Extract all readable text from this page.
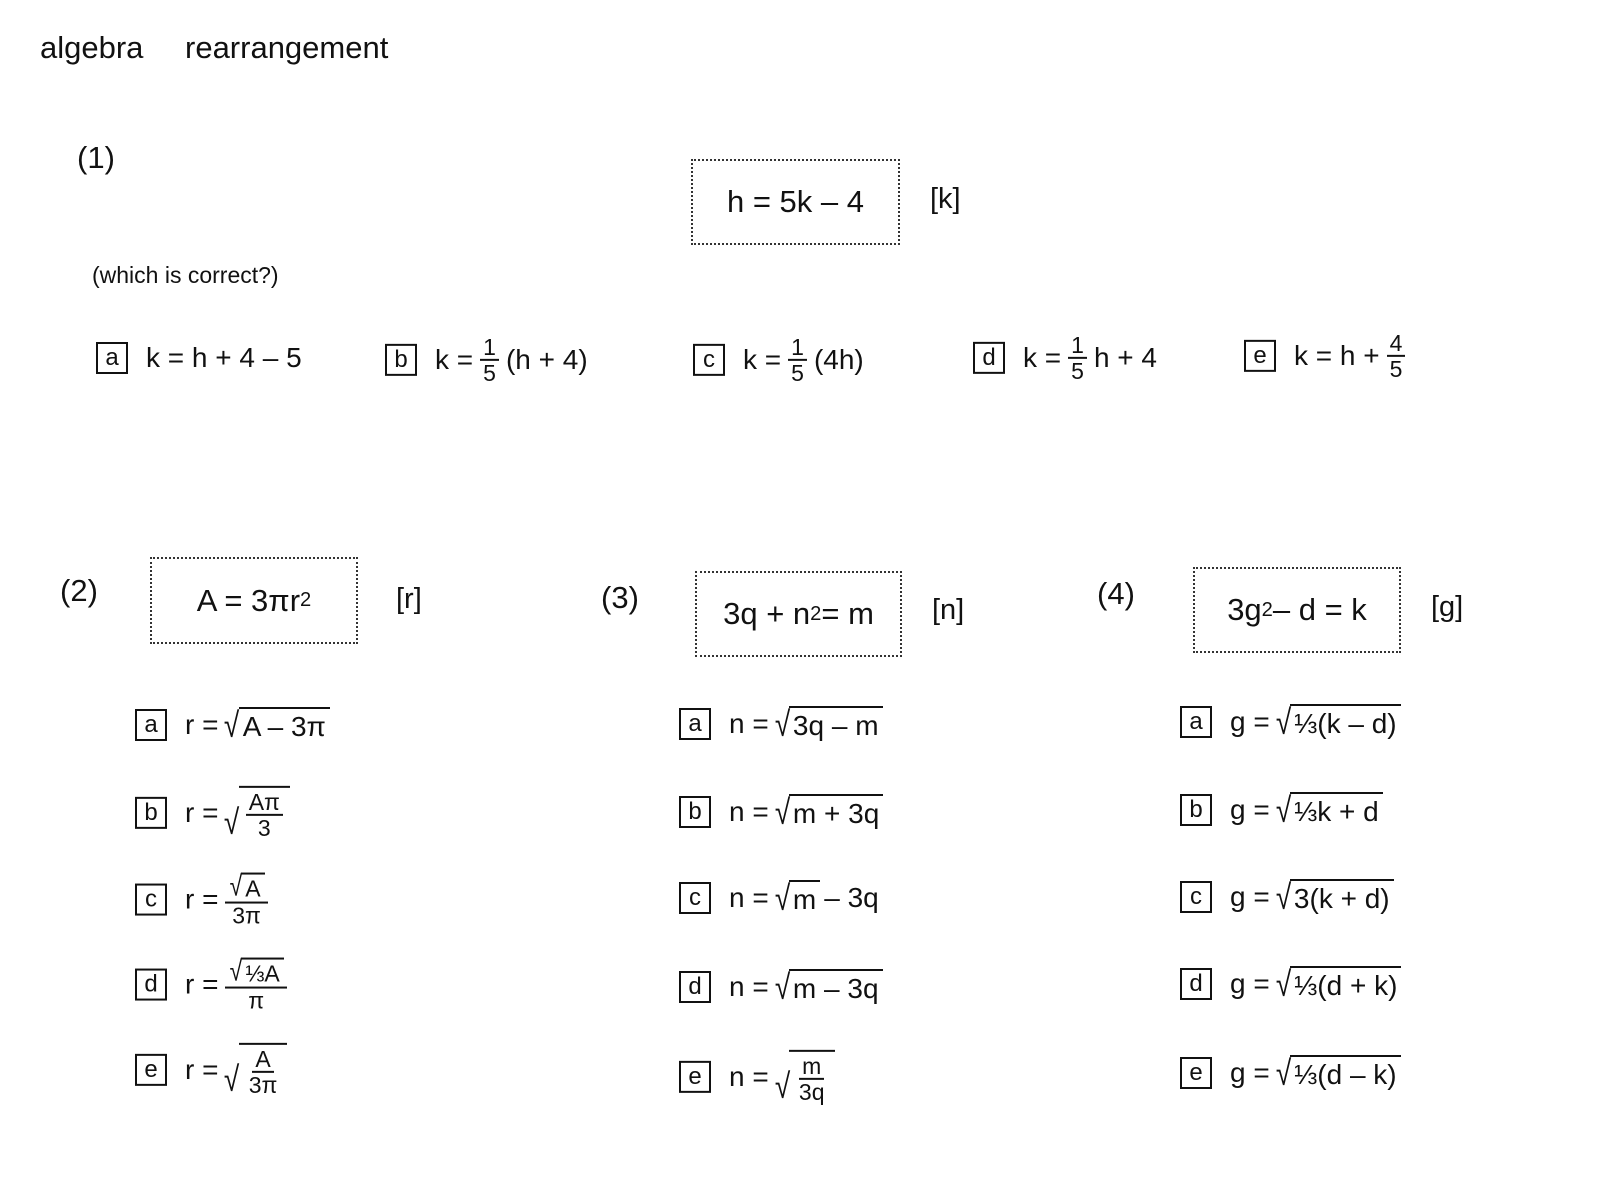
algebra rearrangement
(1)
h = 5k – 4 [k]
(which is correct?)
a k = h + 4 – 5	b $k = \frac{1}{5} (h + 4)$	c	$k = \frac{1}{5} (4h)$	d $k = \frac{1}{5}$ h + 4	e $k = h + \frac{4}{5}$
(2)	A = 3πr 2	[r]
a r = √ A – 3π
b r = √ $\frac{A\pi}{3}$
c	$r = \frac{√ A}{3\pi}$
d $r = \frac{\text{√ ⅓A}}{\pi}$
e r = √ $\frac{A}{3\pi}$
(3)	3q + n 2 = m [n]
a n = √ 3q – m
b n = √ m + 3q
c	n = √ m – 3q
d n = √ m – 3q
e n = √ $\frac{m}{3q}$
(4)	3g 2 – d = k [g]
a g = √ ⅓(k – d)
b g = √ ⅓k + d
c	g = √ 3(k + d)
d g = √ ⅓(d + k)
e g = √ ⅓(d – k)
